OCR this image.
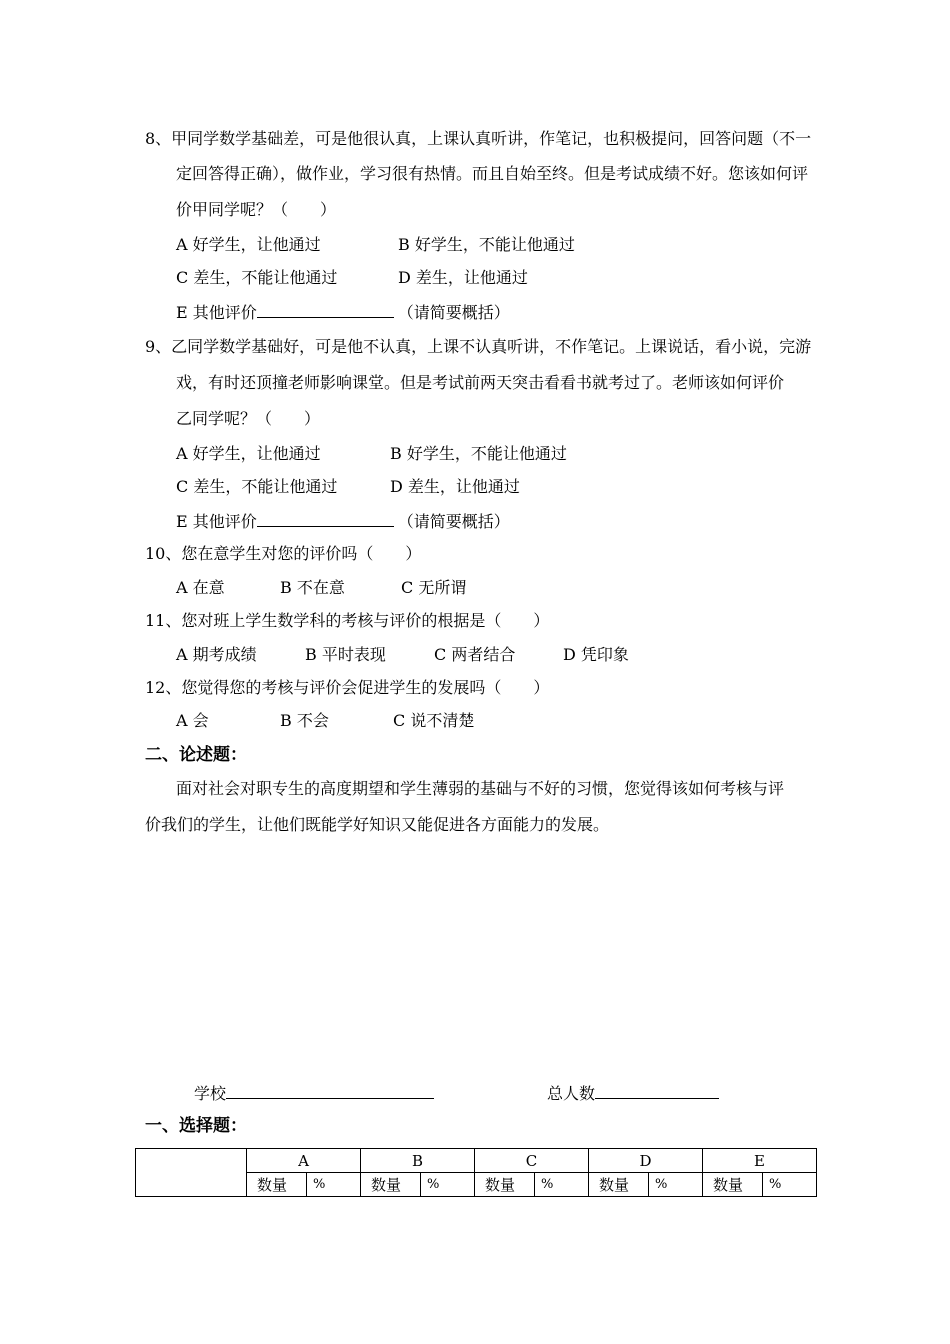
8、甲同学数学基础差，可是他很认真，上课认真听讲，作笔记，也积极提问，回答问题（不一
定回答得正确），做作业，学习很有热情。而且自始至终。但是考试成绩不好。您该如何评
价甲同学呢？（　　）
A 好学生，让他通过	B 好学生，不能让他通过
C 差生，不能让他通过	D 差生，让他通过
E 其他评价	（请简要概括）
9、乙同学数学基础好，可是他不认真，上课不认真听讲，不作笔记。上课说话，看小说，完游
戏，有时还顶撞老师影响课堂。但是考试前两天突击看看书就考过了。老师该如何评价
乙同学呢？（　　）
A 好学生，让他通过	B 好学生，不能让他通过
C 差生，不能让他通过	D 差生，让他通过
E 其他评价	（请简要概括）
10、您在意学生对您的评价吗（　　）
A 在意	B 不在意	C 无所谓
11、您对班上学生数学科的考核与评价的根据是（　　）
A 期考成绩	B 平时表现	C 两者结合	D 凭印象
12、您觉得您的考核与评价会促进学生的发展吗（　　）
A 会	B 不会	C 说不清楚
二、论述题：
面对社会对职专生的高度期望和学生薄弱的基础与不好的习惯，您觉得该如何考核与评
价我们的学生，让他们既能学好知识又能促进各方面能力的发展。
学校	总人数
一、选择题：
	A		B		C		D		E	
	数量	%	数量	%	数量	%	数量	%	数量	%
